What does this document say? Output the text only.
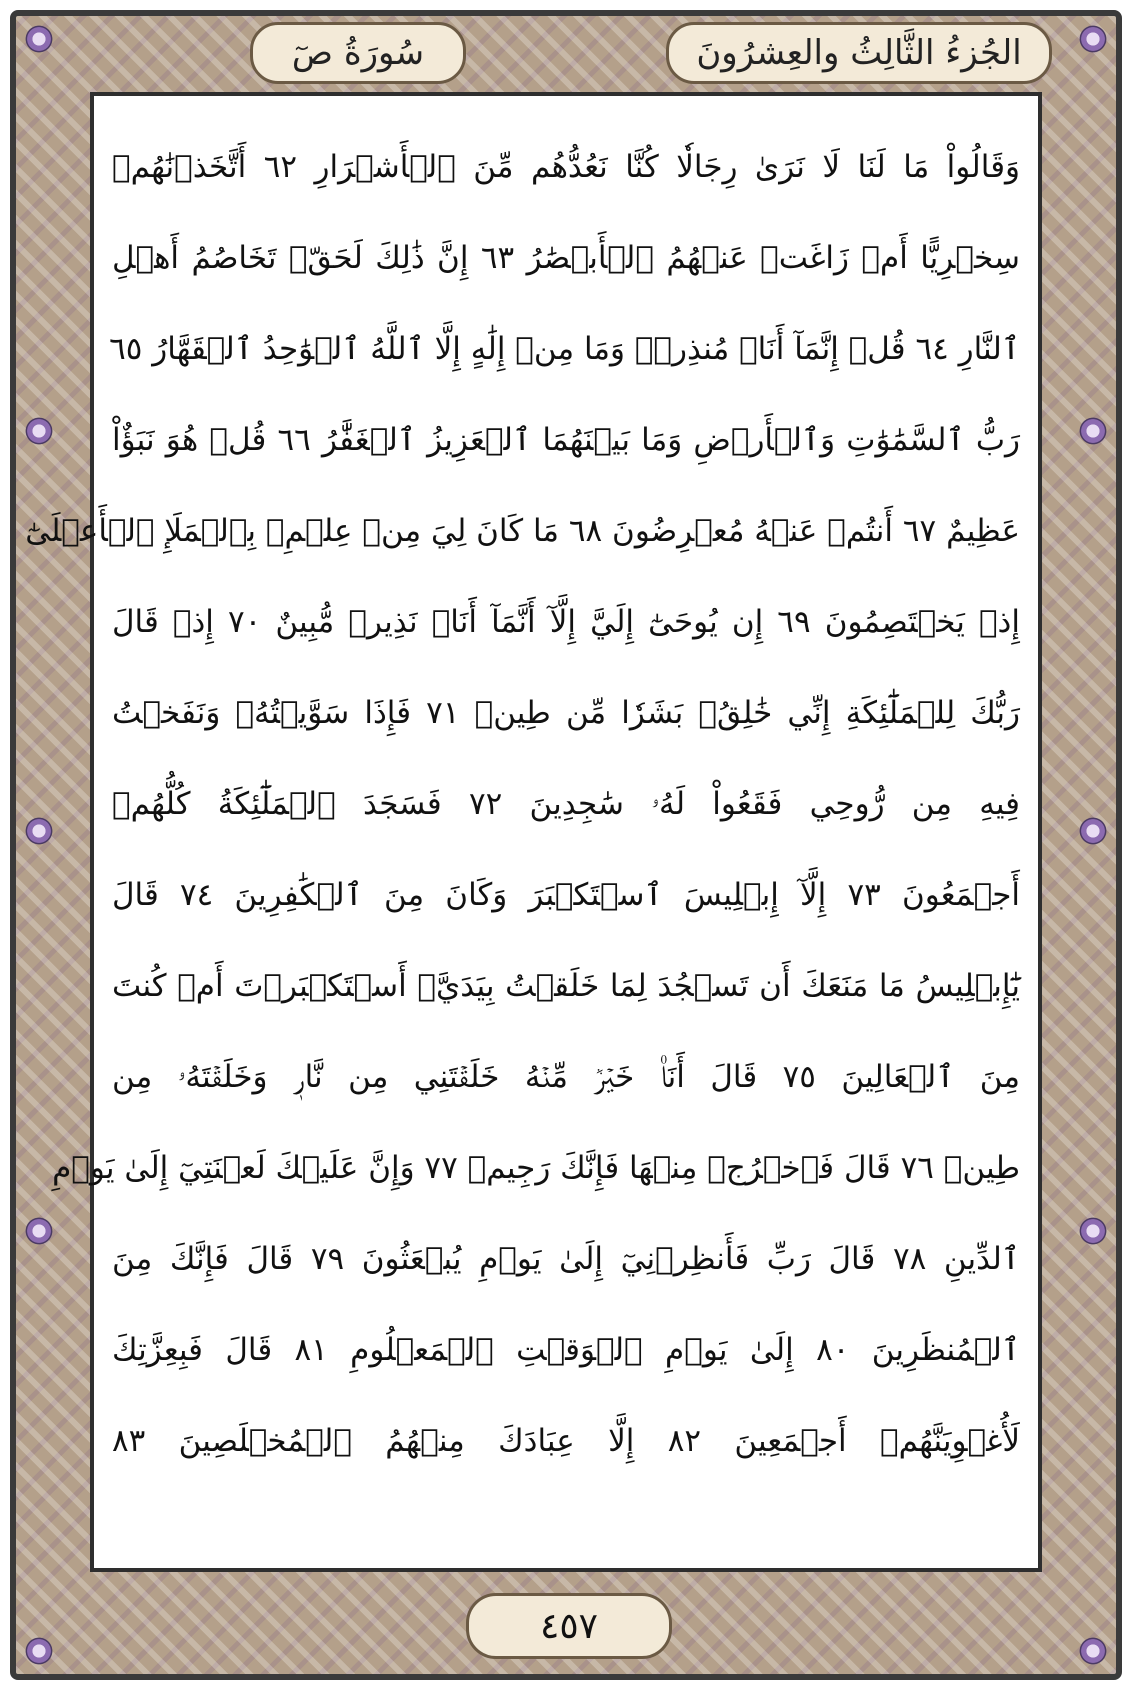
الجُزءُ الثَّالِثُ والعِشرُونَ
سُورَةُ صٓ
وَقَالُواْ مَا لَنَا لَا نَرَىٰ رِجَالٗا كُنَّا نَعُدُّهُم مِّنَ ٱلۡأَشۡرَارِ ٦٢ أَتَّخَذۡنَٰهُمۡ
سِخۡرِيًّا أَمۡ زَاغَتۡ عَنۡهُمُ ٱلۡأَبۡصَٰرُ ٦٣ إِنَّ ذَٰلِكَ لَحَقّٞ تَخَاصُمُ أَهۡلِ
ٱلنَّارِ ٦٤ قُلۡ إِنَّمَآ أَنَا۠ مُنذِرٞۖ وَمَا مِنۡ إِلَٰهٍ إِلَّا ٱللَّهُ ٱلۡوَٰحِدُ ٱلۡقَهَّارُ ٦٥
رَبُّ ٱلسَّمَٰوَٰتِ وَٱلۡأَرۡضِ وَمَا بَيۡنَهُمَا ٱلۡعَزِيزُ ٱلۡغَفَّٰرُ ٦٦ قُلۡ هُوَ نَبَؤٌاْ
عَظِيمٌ ٦٧ أَنتُمۡ عَنۡهُ مُعۡرِضُونَ ٦٨ مَا كَانَ لِيَ مِنۡ عِلۡمِۭ بِٱلۡمَلَإِ ٱلۡأَعۡلَىٰٓ
إِذۡ يَخۡتَصِمُونَ ٦٩ إِن يُوحَىٰٓ إِلَيَّ إِلَّآ أَنَّمَآ أَنَا۠ نَذِيرٞ مُّبِينٌ ٧٠ إِذۡ قَالَ
رَبُّكَ لِلۡمَلَٰٓئِكَةِ إِنِّي خَٰلِقُۢ بَشَرٗا مِّن طِينٖ ٧١ فَإِذَا سَوَّيۡتُهُۥ وَنَفَخۡتُ
فِيهِ مِن رُّوحِي فَقَعُواْ لَهُۥ سَٰجِدِينَ ٧٢ فَسَجَدَ ٱلۡمَلَٰٓئِكَةُ كُلُّهُمۡ
أَجۡمَعُونَ ٧٣ إِلَّآ إِبۡلِيسَ ٱسۡتَكۡبَرَ وَكَانَ مِنَ ٱلۡكَٰفِرِينَ ٧٤ قَالَ
يَٰٓإِبۡلِيسُ مَا مَنَعَكَ أَن تَسۡجُدَ لِمَا خَلَقۡتُ بِيَدَيَّۖ أَسۡتَكۡبَرۡتَ أَمۡ كُنتَ
مِنَ ٱلۡعَالِينَ ٧٥ قَالَ أَنَا۠ خَيۡرٞ مِّنۡهُ خَلَقۡتَنِي مِن نَّارٖ وَخَلَقۡتَهُۥ مِن
طِينٖ ٧٦ قَالَ فَٱخۡرُجۡ مِنۡهَا فَإِنَّكَ رَجِيمٞ ٧٧ وَإِنَّ عَلَيۡكَ لَعۡنَتِيٓ إِلَىٰ يَوۡمِ
ٱلدِّينِ ٧٨ قَالَ رَبِّ فَأَنظِرۡنِيٓ إِلَىٰ يَوۡمِ يُبۡعَثُونَ ٧٩ قَالَ فَإِنَّكَ مِنَ
ٱلۡمُنظَرِينَ ٨٠ إِلَىٰ يَوۡمِ ٱلۡوَقۡتِ ٱلۡمَعۡلُومِ ٨١ قَالَ فَبِعِزَّتِكَ
لَأُغۡوِيَنَّهُمۡ أَجۡمَعِينَ ٨٢ إِلَّا عِبَادَكَ مِنۡهُمُ ٱلۡمُخۡلَصِينَ ٨٣
٤٥٧
